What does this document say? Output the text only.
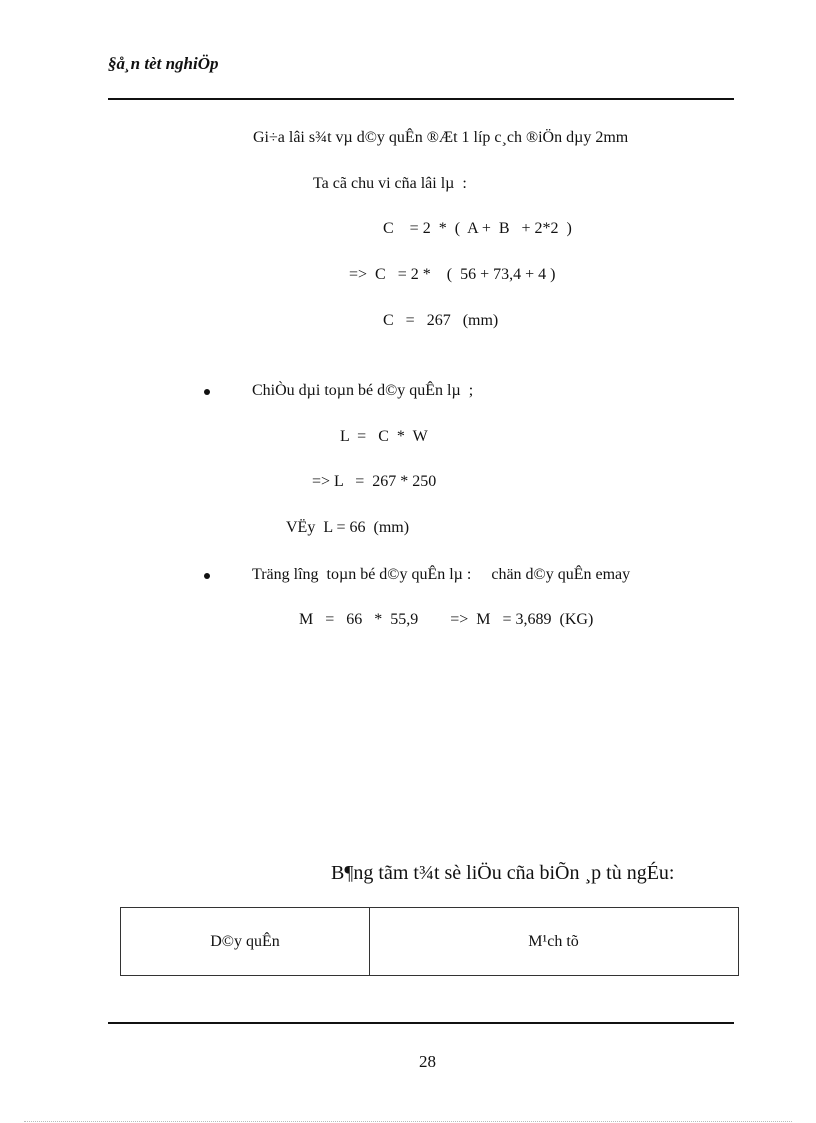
§å¸n tèt nghiÖp
Gi÷a lâi s¾t vµ d©y quÊn ®Æt 1 líp c¸ch ®iÖn dµy 2mm
Ta cã chu vi cña lâi lµ  :
C    = 2  *  (  A +  B   + 2*2  )
=>  C   = 2 *    (  56 + 73,4 + 4 )
C   =   267   (mm)
ChiÒu dµi toµn bé d©y quÊn lµ  ;
L  =   C  *  W
=> L   =  267 * 250
VËy  L = 66  (mm)
Träng lîng  toµn bé d©y quÊn lµ :     chän d©y quÊn emay
M   =   66   *  55,9        =>  M   = 3,689  (KG)
B¶ng tãm t¾t sè liÖu cña biÕn ¸p tù ngÉu:
D©y quÊn	M¹ch tõ
28
